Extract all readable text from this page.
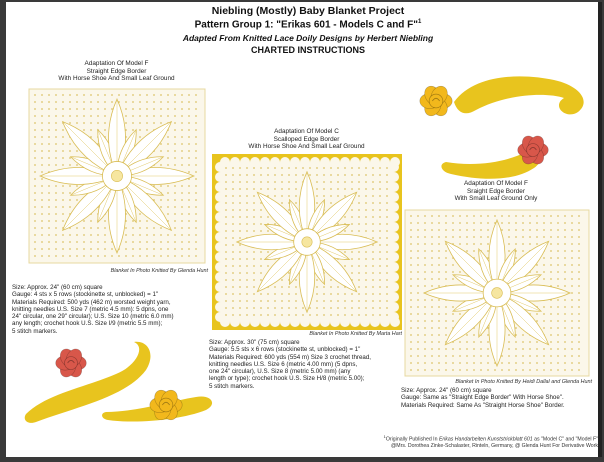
Niebling (Mostly) Baby Blanket Project
Pattern Group 1: "Erikas 601 - Models C and F"$^1$
Adapted From Knitted Lace Doily Designs by Herbert Niebling
CHARTED INSTRUCTIONS
Adaptation Of Model F
Straight Edge Border
With Horse Shoe And Small Leaf Ground
Blanket In Photo Knitted By Glenda Hunt
Size: Approx. 24" (60 cm) square
Gauge: 4 sts x 5 rows (stockinette st, unblocked) = 1"
Materials Required: 500 yds (462 m) worsted weight yarn,
knitting needles U.S. Size 7 (metric 4.5 mm): 5 dpns, one
24" circular, one 29" circular); U.S. Size 10 (metric 6.0 mm)
any length; crochet hook U.S. Size I/9 (metric 5.5 mm);
5 stitch markers.
Adaptation Of Model C
Scalloped Edge Border
With Horse Shoe And Small Leaf Ground
Blanket In Photo Knitted By Marta Hart
Size: Approx. 30" (75 cm) square
Gauge: 5.5 sts x 6 rows (stockinette st, unblocked) = 1"
Materials Required: 600 yds (554 m) Size 3 crochet thread,
knitting needles U.S. Size 6 (metric 4.00 mm) (5 dpns,
one 24" circular), U.S. Size 8 (metric 5.00 mm) (any
length or type); crochet hook U.S. Size H/8 (metric 5.00);
5 stitch markers.
Adaptation Of Model F
Sraight Edge Border
With Small Leaf Ground Only
Blanket In Photo Knitted By Heidi Dallal and Glenda Hunt
Size: Approx. 24" (60 cm) square
Gauge: Same as "Straight Edge Border" With Horse Shoe".
Materials Required: Same As "Straight Horse Shoe" Border.
$^1$Originally Published In Erikas Handarbeiten Kunststrickblatt 601 as "Model C" and "Model F"
@Mrs. Dorothea Zinke-Schalaster, Rinteln, Germany, @ Glenda Hunt For Derivative Work
